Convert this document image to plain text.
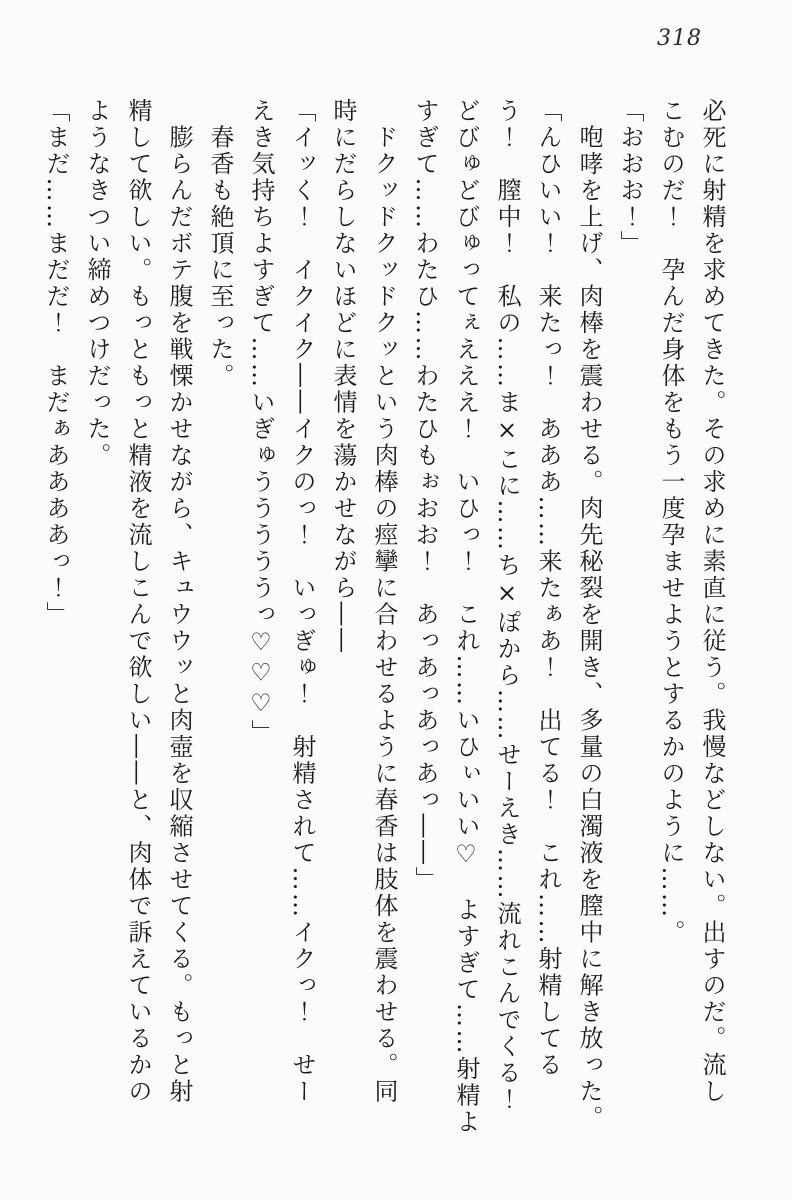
318

必死に射精を求めてきた。その求めに素直に従う。我慢などしない。出すのだ。流し

こむのだ！　孕んだ身体をもう一度孕ませようとするかのように……。

「おおお！」

　咆哮を上げ、肉棒を震わせる。肉先秘裂を開き、多量の白濁液を膣中に解き放った。

「んひいい！　来たっ！　あああ……来たぁあ！　出てる！　これ……射精してる

う！　膣中！　私の……ま×こに……ち×ぽから……せーえき……流れこんでくる！

どびゅどびゅってぇえええ！　いひっ！　これ……いひぃいい♡　よすぎて……射精よ

すぎて……わたひ……わたひもぉおお！　あっあっあっあっ――」

　ドクッドクッドクッという肉棒の痙攣に合わせるように春香は肢体を震わせる。同

時にだらしないほどに表情を蕩かせながら――

「イッく！　イクイク――イクのっ！　いっぎゅ！　射精されて……イクっ！　せー

えき気持ちよすぎて……いぎゅうううううっ♡♡♡」

　春香も絶頂に至った。

　膨らんだボテ腹を戦慄かせながら、キュウウッと肉壺を収縮させてくる。もっと射

精して欲しい。もっともっと精液を流しこんで欲しい――と、肉体で訴えているかの

ようなきつい締めつけだった。

「まだ……まだだ！　まだぁああああっ！」
